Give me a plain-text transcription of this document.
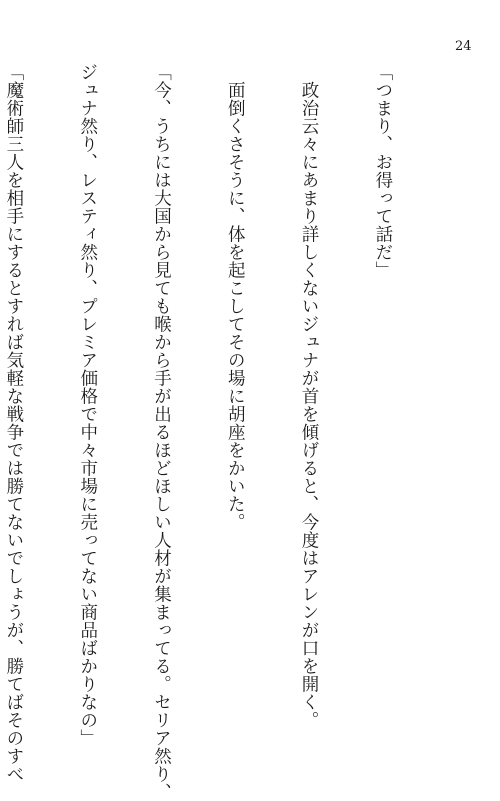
24

「つまり、お得って話だ」

　政治云々にあまり詳しくないジュナが首を傾げると、今度はアレンが口を開く。

　面倒くさそうに、体を起こしてその場に胡座をかいた。

「今、うちには大国から見ても喉から手が出るほどほしい人材が集まってる。セリア然り、

ジュナ然り、レスティ然り、プレミア価格で中々市場に売ってない商品ばかりなの」

「魔術師三人を相手にするとすれば気軽な戦争では勝てないでしょうが、勝てばそのすべ
